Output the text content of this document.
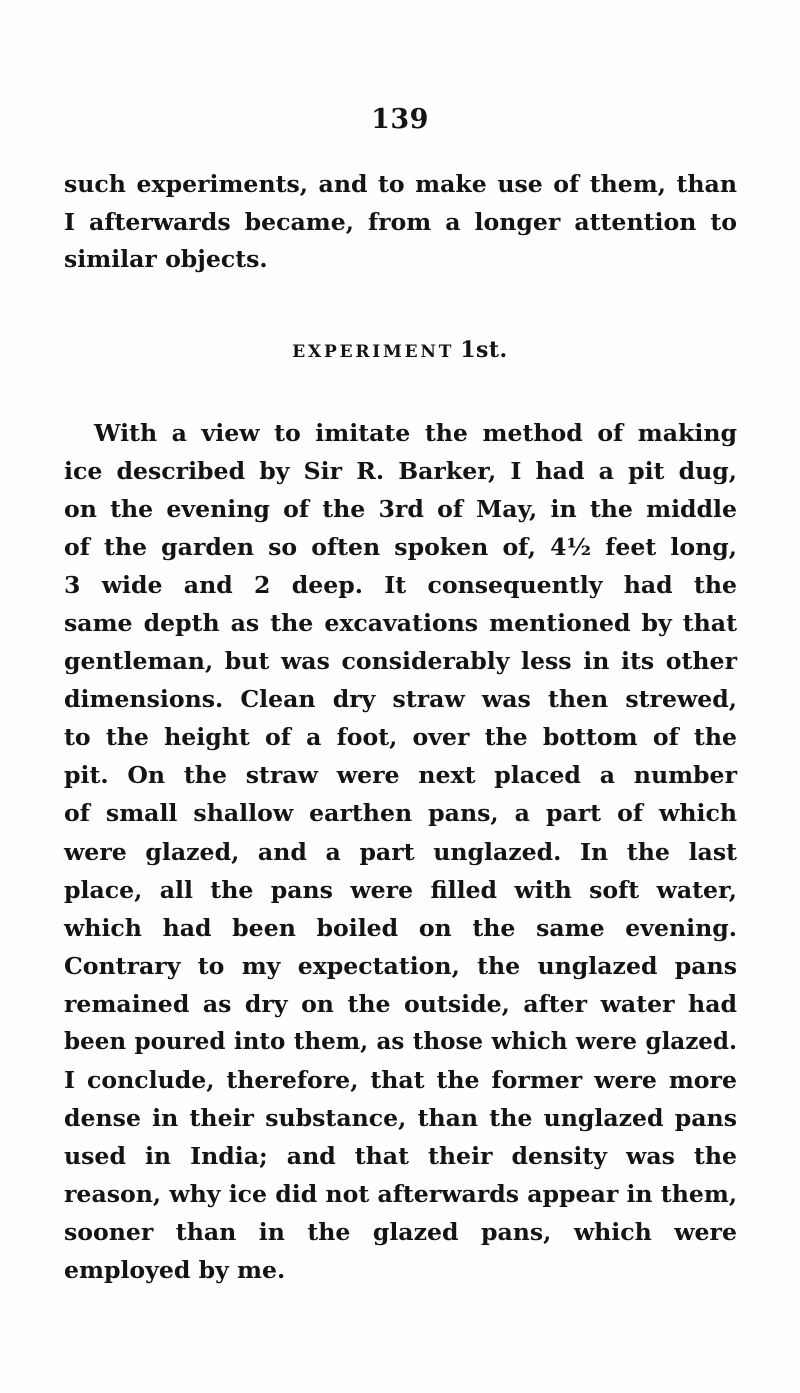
139
such experiments, and to make use of them, than
I afterwards became, from a longer attention to
similar objects.
EXPERIMENT 1st.
With a view to imitate the method of making
ice described by Sir R. Barker, I had a pit dug,
on the evening of the 3rd of May, in the middle
of the garden so often spoken of, 4½ feet long,
3 wide and 2 deep. It consequently had the
same depth as the excavations mentioned by that
gentleman, but was considerably less in its other
dimensions. Clean dry straw was then strewed,
to the height of a foot, over the bottom of the
pit. On the straw were next placed a number
of small shallow earthen pans, a part of which
were glazed, and a part unglazed. In the last
place, all the pans were filled with soft water,
which had been boiled on the same evening.
Contrary to my expectation, the unglazed pans
remained as dry on the outside, after water had
been poured into them, as those which were glazed.
I conclude, therefore, that the former were more
dense in their substance, than the unglazed pans
used in India; and that their density was the
reason, why ice did not afterwards appear in them,
sooner than in the glazed pans, which were
employed by me.
